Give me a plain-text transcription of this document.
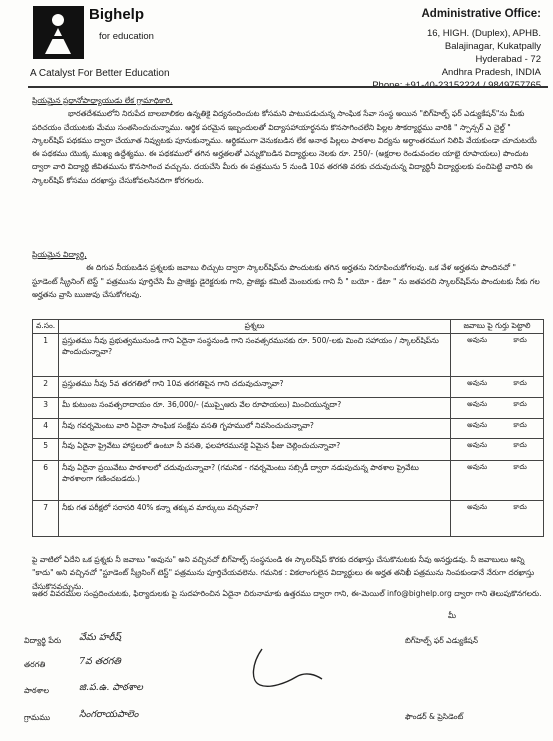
Bighelp
for education
A Catalyst For Better Education
Administrative Office:
16, HIGH. (Duplex), APHB.
Balajinagar, Kukatpally
Hyderabad - 72
Andhra Pradesh, INDIA
ప్రియమైన ప్రధానోపాధ్యాయుడు లేక గ్రామాధికారి,
భారతదేశములోని నిరుపేద బాలబాలికల ఉన్నతికై విద్యనందించుట కోసమని పాటుపడుచున్న సాంఘిక సేవా సంస్థ అయిన "బిగ్‌హెల్ప్ ఫర్ ఎడ్యుకేషన్"ను మీకు పరిచయం చేయుటకు మేము సంతసించుచున్నాము. ఆర్థిక పరమైన ఇబ్బందులతో విద్యాసహాయార్థనను కొనసాగించలేని పిల్లల సౌకర్యార్థము వారికి " స్పాన్సర్ ఎ చైల్డ్ " స్కాలర్‌షిప్ పథకము ద్వారా చేయూత నివ్వుటకు పూనుకున్నాము. ఆర్థికముగా వెనుకబడిన లేక అనాథ పిల్లలు పాఠశాల విద్యను అర్ధాంతరముగ నిలిపి వేయకుండా చూచుటయే ఈ పథకము యొక్క ముఖ్య ఉద్దేశ్యము. ఈ పథకములో తగిన అర్హతలతో ఎన్నుకొబడిన విద్యార్థులు నెలకు రూ. 250/- (అక్షరాల రెండువందల యాభై రూపాయలు) పొందుట ద్వారా వారి విద్యార్థి జీవితమును కొనసాగించ వచ్చును. దయచేసి మీరు ఈ పత్రమును 5 నుండి 10వ తరగతి వరకు చదువుచున్న విద్యార్థినీ విద్యార్థులకు పంచిపెట్టి వారిని ఈ స్కాలర్‌షిప్ కోసము దరఖాస్తు చేసుకోవలసినదిగా కోరగలరు.
ప్రియమైన విద్యార్థి,
ఈ దిగువ నీయబడిన ప్రశ్నలకు జవాబు లిచ్చుట ద్వారా స్కాలర్‌షిప్‌ను పొందుటకు తగిన అర్హతను నిరూపించుకోగలవు. ఒక వేళ అర్హతను పొందినచో " స్టూడెంట్ స్క్రీనింగ్ టెస్ట్ " పత్రమును పూర్తిచేసి మీ ప్రాజెక్టు డైరెక్టరుకు గాని, ప్రాజెక్టు కమిటీ మెంబరుకు గాని నీ " బయో - డేటా " ను జతపరచి స్కాలర్‌షిప్‌ను పొందుటకు నీకు గల అర్హతను వ్రాసి ఋజువు చేసుకోగలవు.
వ.సం.	ప్రశ్నలు	జవాబు పై గుర్తు పెట్టాలి
1	ప్రస్తుతము నీవు ప్రభుత్వమునుండి గాని ఏదైనా సంస్థనుండి గాని సంవత్సరమునకు రూ. 500/-లకు మించి సహాయం / స్కాలర్‌షిప్‌ను పొందుచున్నావా?	అవును కాదు

2	ప్రస్తుతము నీవు 5వ తరగతిలో గాని 10వ తరగతిపైన గాని చదువుచున్నావా?	అవును కాదు

3	మీ కుటుంబ సంవత్సరాదాయం రూ. 36,000/- (ముప్పైఆరు వేల రూపాయలు) మించియున్నదా?	అవును కాదు

4	నీవు గవర్నమెంటు వారి ఏదైనా సాంఘిక సంక్షేమ వసతి గృహములో నివసించుచున్నావా?	అవును కాదు

5	నీవు ఏదైనా ప్రైవేటు హాస్టలులో ఉంటూ నీ వసతి, ఫలహారమునకై ఏమైన ఫీజు చెల్లించుచున్నావా?	అవును కాదు

6	నీవు ఏదైనా ప్రయివేటు పాఠశాలలో చదువుచున్నావా? (గమనిక - గవర్నమెంటు సబ్సిడీ ద్వారా నడుపుచున్న పాఠశాల ప్రైవేటు పాఠశాలగా గణించబడదు.)	అవును కాదు

7	నీకు గత పరీక్షలో సరాసరి 40% కన్నా తక్కువ మార్కులు వచ్చినవా?	అవును కాదు
పై వాటిలో ఏదేని ఒక ప్రశ్నకు నీ జవాబు "అవును" అని వచ్చినచో బిగ్‌హెల్ప్ సంస్థనుండి ఈ స్కాలర్‌షిప్ కొరకు దరఖాస్తు చేసుకొనుటకు నీవు అనర్హుడవు. నీ జవాబులు అన్ని "కాదు" అని వచ్చినచో "స్టూడెంట్ స్క్రీనింగ్ టెస్ట్" పత్రమును పూర్తిచేయవలెను. గమనిక : వికలాంగులైన విద్యార్థులు ఈ అర్హత తనిఖీ పత్రమును నింపకుండానే నేరుగా దరఖాస్తు చేసుకొనవచ్చును.
ఇతర వివరముల సంప్రదించుటకు, ఫిర్యాదులకు పై సుదహరించిన ఏదైనా చిరునామాకు ఉత్తరము ద్వారా గాని, ఈ-మెయిల్ info@bighelp.org ద్వారా గాని తెలుపుకొనగలరు.
విద్యార్థి పేరు వేమ హరీష్
తరగతి	7వ తరగతి
పాఠశాల	జి.ప.ఉ. పాఠశాల
గ్రామము	సింగరాయపాలెం
మీ
బిగ్‌హెల్ప్ ఫర్ ఎడ్యుకేషన్
ఫౌండర్ & ప్రెసిడెంట్
